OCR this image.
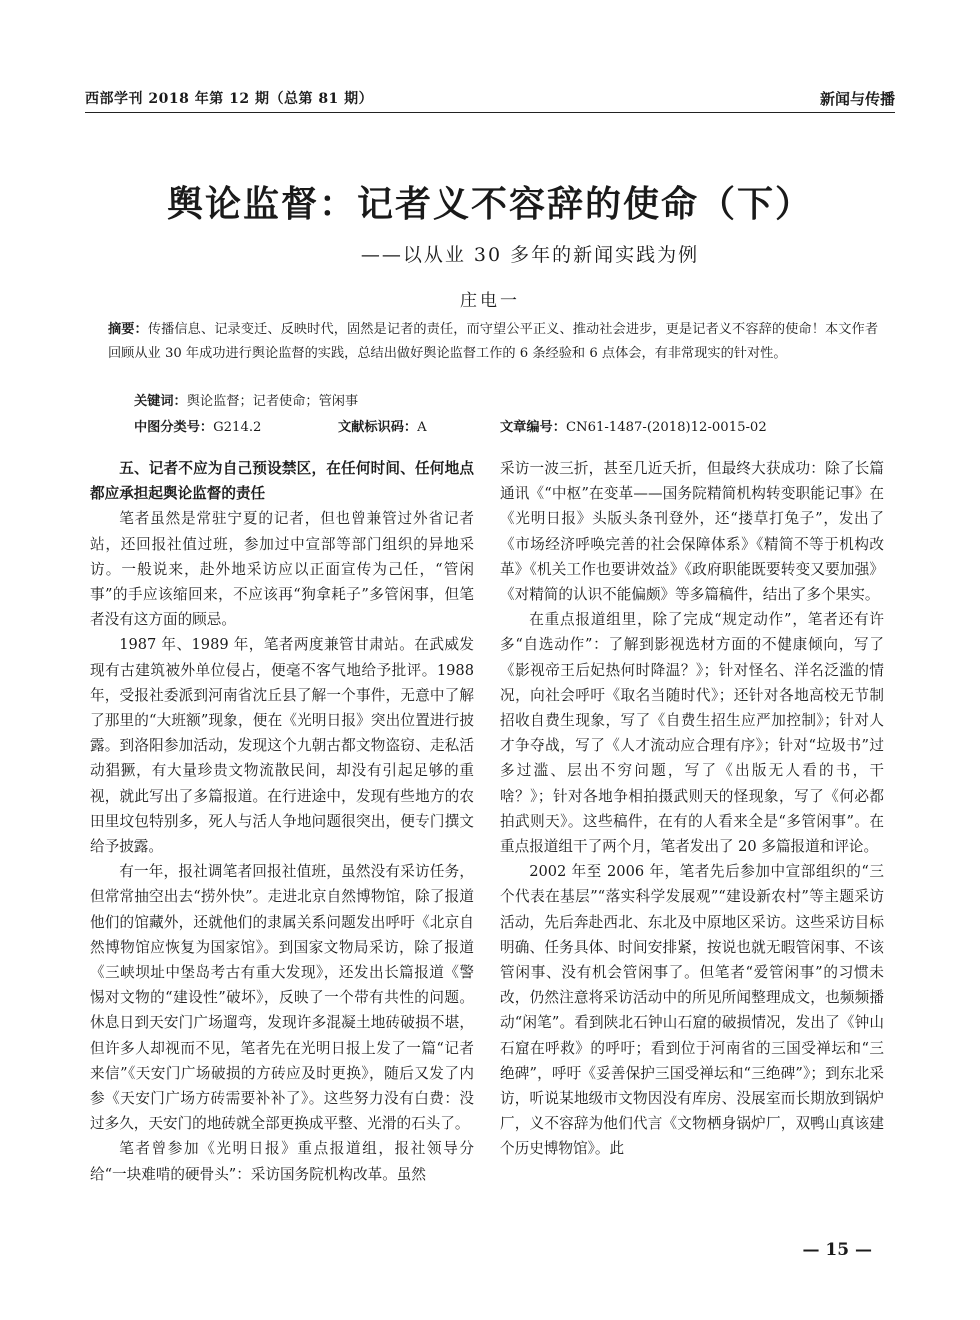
西部学刊 2018 年第 12 期（总第 81 期）	新闻与传播
舆论监督：记者义不容辞的使命（下）
——以从业 30 多年的新闻实践为例
庄电一
摘要：传播信息、记录变迁、反映时代，固然是记者的责任，而守望公平正义、推动社会进步，更是记者义不容辞的使命！本文作者回顾从业 30 年成功进行舆论监督的实践，总结出做好舆论监督工作的 6 条经验和 6 点体会，有非常现实的针对性。
关键词：舆论监督；记者使命；管闲事
中图分类号：G214.2	文献标识码：A	文章编号：CN61-1487-(2018)12-0015-02
五、记者不应为自己预设禁区，在任何时间、任何地点都应承担起舆论监督的责任

笔者虽然是常驻宁夏的记者，但也曾兼管过外省记者站，还回报社值过班，参加过中宣部等部门组织的异地采访。一般说来，赴外地采访应以正面宣传为己任，“管闲事”的手应该缩回来，不应该再“狗拿耗子”多管闲事，但笔者没有这方面的顾忌。

1987 年、1989 年，笔者两度兼管甘肃站。在武威发现有古建筑被外单位侵占，便毫不客气地给予批评。1988 年，受报社委派到河南省沈丘县了解一个事件，无意中了解了那里的“大班额”现象，便在《光明日报》突出位置进行披露。到洛阳参加活动，发现这个九朝古都文物盗窃、走私活动猖獗，有大量珍贵文物流散民间，却没有引起足够的重视，就此写出了多篇报道。在行进途中，发现有些地方的农田里坟包特别多，死人与活人争地问题很突出，便专门撰文给予披露。

有一年，报社调笔者回报社值班，虽然没有采访任务，但常常抽空出去“捞外快”。走进北京自然博物馆，除了报道他们的馆藏外，还就他们的隶属关系问题发出呼吁《北京自然博物馆应恢复为国家馆》。到国家文物局采访，除了报道《三峡坝址中堡岛考古有重大发现》，还发出长篇报道《警惕对文物的“建设性”破坏》，反映了一个带有共性的问题。休息日到天安门广场遛弯，发现许多混凝土地砖破损不堪，但许多人却视而不见，笔者先在光明日报上发了一篇“记者来信”《天安门广场破损的方砖应及时更换》，随后又发了内参《天安门广场方砖需要补补了》。这些努力没有白费：没过多久，天安门的地砖就全部更换成平整、光滑的石头了。

笔者曾参加《光明日报》重点报道组，报社领导分给“一块难啃的硬骨头”：采访国务院机构改革。虽然

采访一波三折，甚至几近夭折，但最终大获成功：除了长篇通讯《“中枢”在变革——国务院精简机构转变职能记事》在《光明日报》头版头条刊登外，还“搂草打兔子”，发出了《市场经济呼唤完善的社会保障体系》《精简不等于机构改革》《机关工作也要讲效益》《政府职能既要转变又要加强》《对精简的认识不能偏颇》等多篇稿件，结出了多个果实。

在重点报道组里，除了完成“规定动作”，笔者还有许多“自选动作”：了解到影视选材方面的不健康倾向，写了《影视帝王后妃热何时降温？》；针对怪名、洋名泛滥的情况，向社会呼吁《取名当随时代》；还针对各地高校无节制招收自费生现象，写了《自费生招生应严加控制》；针对人才争夺战，写了《人才流动应合理有序》；针对“垃圾书”过多过滥、层出不穷问题，写了《出版无人看的书，干啥？》；针对各地争相拍摄武则天的怪现象，写了《何必都拍武则天》。这些稿件，在有的人看来全是“多管闲事”。在重点报道组干了两个月，笔者发出了 20 多篇报道和评论。

2002 年至 2006 年，笔者先后参加中宣部组织的“三个代表在基层”“落实科学发展观”“建设新农村”等主题采访活动，先后奔赴西北、东北及中原地区采访。这些采访目标明确、任务具体、时间安排紧，按说也就无暇管闲事、不该管闲事、没有机会管闲事了。但笔者“爱管闲事”的习惯未改，仍然注意将采访活动中的所见所闻整理成文，也频频播动“闲笔”。看到陕北石钟山石窟的破损情况，发出了《钟山石窟在呼救》的呼吁；看到位于河南省的三国受禅坛和“三绝碑”，呼吁《妥善保护三国受禅坛和“三绝碑”》；到东北采访，听说某地级市文物因没有库房、没展室而长期放到锅炉厂，义不容辞为他们代言《文物栖身锅炉厂，双鸭山真该建个历史博物馆》。此

— 15 —
